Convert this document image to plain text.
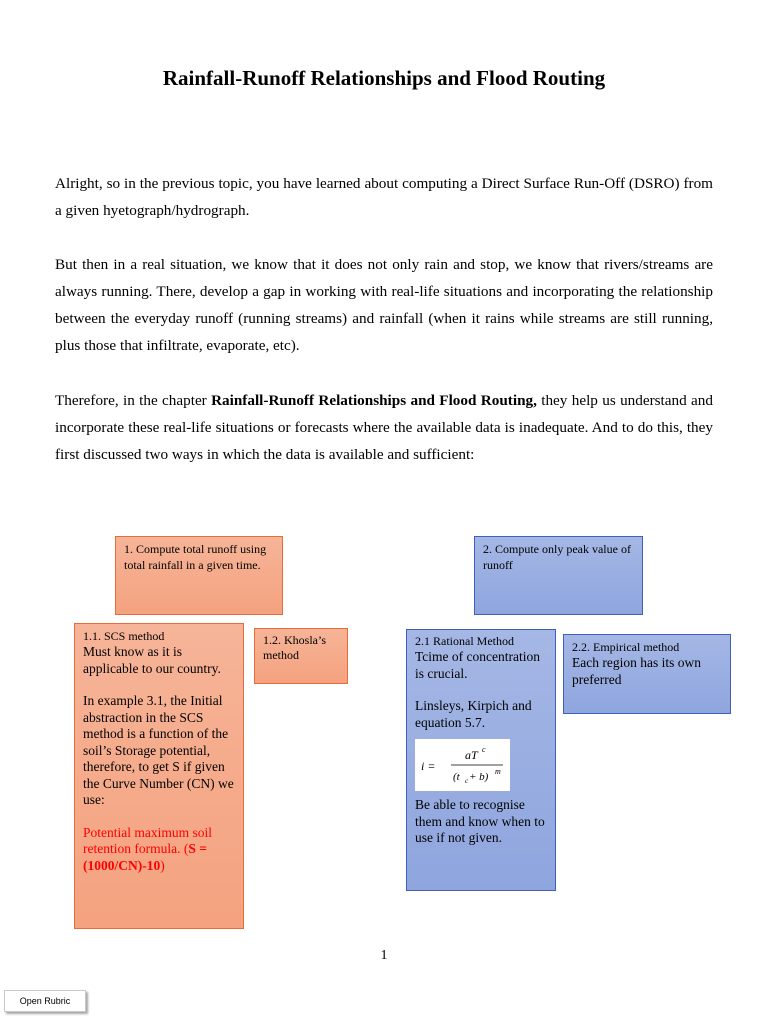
Rainfall-Runoff Relationships and Flood Routing

Alright, so in the previous topic, you have learned about computing a Direct Surface Run-Off (DSRO) from a given hyetograph/hydrograph.

But then in a real situation, we know that it does not only rain and stop, we know that rivers/streams are always running. There, develop a gap in working with real-life situations and incorporating the relationship between the everyday runoff (running streams) and rainfall (when it rains while streams are still running, plus those that infiltrate, evaporate, etc).

Therefore, in the chapter Rainfall-Runoff Relationships and Flood Routing, they help us understand and incorporate these real-life situations or forecasts where the available data is inadequate. And to do this, they first discussed two ways in which the data is available and sufficient:

1. Compute total runoff using total rainfall in a given time.
2. Compute only peak value of runoff
1.1. SCS method
Must know as it is applicable to our country.
In example 3.1, the Initial abstraction in the SCS method is a function of the soil’s Storage potential, therefore, to get S if given the Curve Number (CN) we use:
Potential maximum soil retention formula. (S = (1000/CN)-10)
1.2. Khosla’s method
2.1 Rational Method
Tcime of concentration is crucial.
Linsleys, Kirpich and equation 5.7.
i =
aT c
(t c + b) m
Be able to recognise them and know when to use if not given.
2.2. Empirical method
Each region has its own preferred
1
Open Rubric
